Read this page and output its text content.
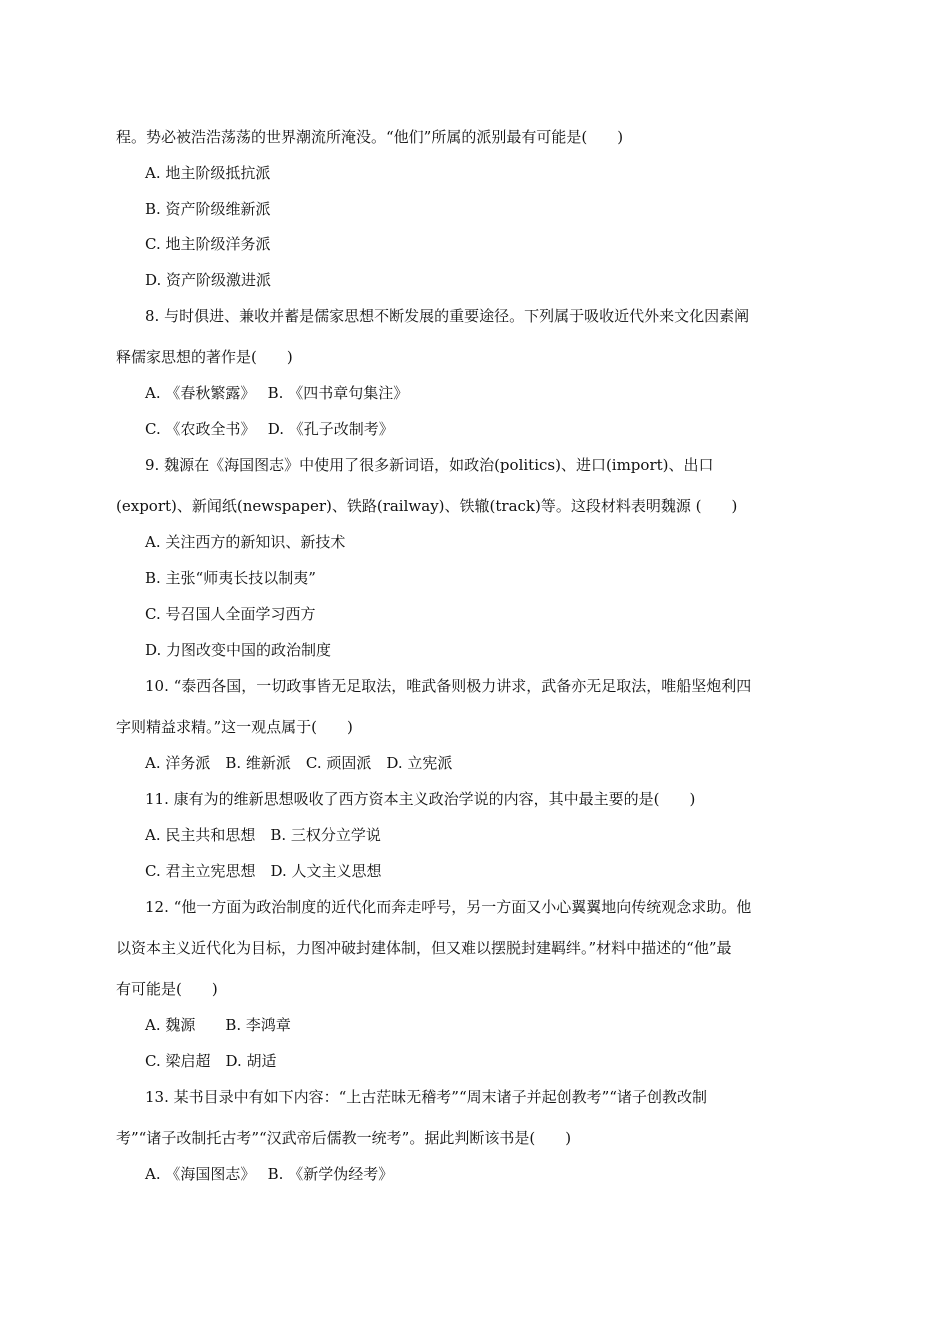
程。势必被浩浩荡荡的世界潮流所淹没。“他们”所属的派别最有可能是(　　)
A. 地主阶级抵抗派
B. 资产阶级维新派
C. 地主阶级洋务派
D. 资产阶级激进派
8. 与时俱进、兼收并蓄是儒家思想不断发展的重要途径。下列属于吸收近代外来文化因素阐
释儒家思想的著作是(　　)
A. 《春秋繁露》　 B. 《四书章句集注》
C. 《农政全书》　 D. 《孔子改制考》
9. 魏源在《海国图志》中使用了很多新词语，如政治(politics)、进口(import)、出口
(export)、新闻纸(newspaper)、铁路(railway)、铁辙(track)等。这段材料表明魏源 (　　)
A. 关注西方的新知识、新技术
B. 主张“师夷长技以制夷”
C. 号召国人全面学习西方
D. 力图改变中国的政治制度
10. “泰西各国，一切政事皆无足取法，唯武备则极力讲求，武备亦无足取法，唯船坚炮利四
字则精益求精。”这一观点属于(　　)
A. 洋务派　B. 维新派　C. 顽固派　D. 立宪派
11. 康有为的维新思想吸收了西方资本主义政治学说的内容，其中最主要的是(　　)
A. 民主共和思想　B. 三权分立学说
C. 君主立宪思想　D. 人文主义思想
12. “他一方面为政治制度的近代化而奔走呼号，另一方面又小心翼翼地向传统观念求助。他
以资本主义近代化为目标，力图冲破封建体制，但又难以摆脱封建羁绊。”材料中描述的“他”最
有可能是(　　)
A. 魏源　　B. 李鸿章
C. 梁启超　D. 胡适
13. 某书目录中有如下内容：“上古茫昧无稽考”“周末诸子并起创教考”“诸子创教改制
考”“诸子改制托古考”“汉武帝后儒教一统考”。据此判断该书是(　　)
A. 《海国图志》　 B. 《新学伪经考》
